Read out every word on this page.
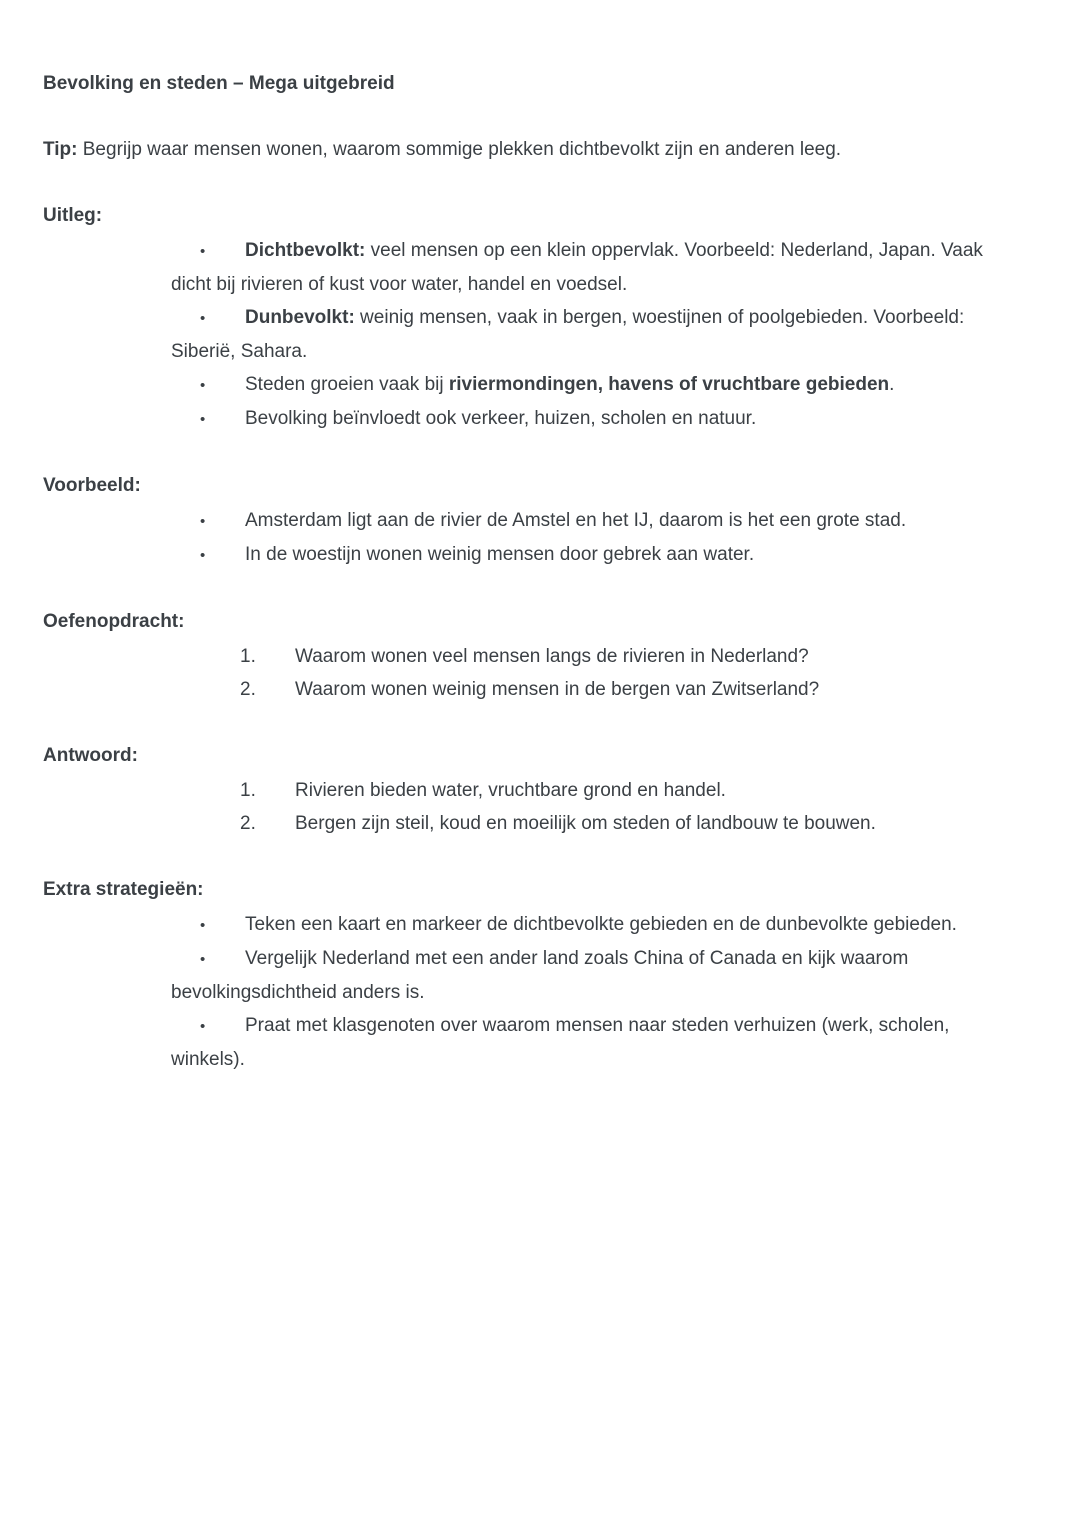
Bevolking en steden – Mega uitgebreid

Tip: Begrijp waar mensen wonen, waarom sommige plekken dichtbevolkt zijn en anderen leeg.

Uitleg:
• Dichtbevolkt: veel mensen op een klein oppervlak. Voorbeeld: Nederland, Japan. Vaak dicht bij rivieren of kust voor water, handel en voedsel.
• Dunbevolkt: weinig mensen, vaak in bergen, woestijnen of poolgebieden. Voorbeeld: Siberië, Sahara.
• Steden groeien vaak bij riviermondingen, havens of vruchtbare gebieden.
• Bevolking beïnvloedt ook verkeer, huizen, scholen en natuur.
Voorbeeld:
• Amsterdam ligt aan de rivier de Amstel en het IJ, daarom is het een grote stad.
• In de woestijn wonen weinig mensen door gebrek aan water.
Oefenopdracht:
1. Waarom wonen veel mensen langs de rivieren in Nederland?
2. Waarom wonen weinig mensen in de bergen van Zwitserland?
Antwoord:
1. Rivieren bieden water, vruchtbare grond en handel.
2. Bergen zijn steil, koud en moeilijk om steden of landbouw te bouwen.
Extra strategieën:
• Teken een kaart en markeer de dichtbevolkte gebieden en de dunbevolkte gebieden.
• Vergelijk Nederland met een ander land zoals China of Canada en kijk waarom bevolkingsdichtheid anders is.
• Praat met klasgenoten over waarom mensen naar steden verhuizen (werk, scholen, winkels).
